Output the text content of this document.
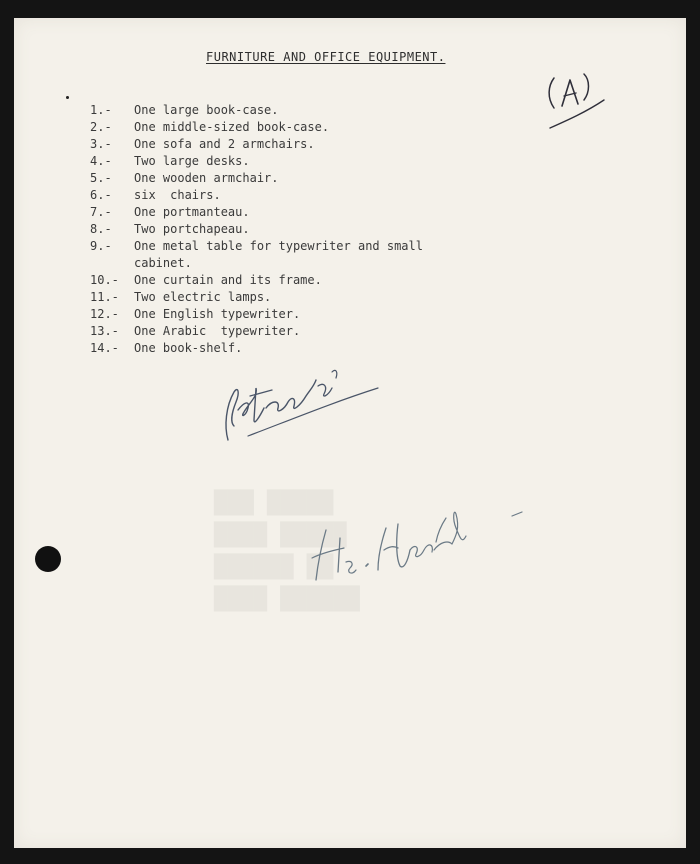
FURNITURE AND OFFICE EQUIPMENT.
1.-	One large book-case.
2.-	One middle-sized book-case.
3.-	One sofa and 2 armchairs.
4.-	Two large desks.
5.-	One wooden armchair.
6.-	six  chairs.
7.-	One portmanteau.
8.-	Two portchapeau.
9.-	One metal table for typewriter and small
cabinet.
10.-	One curtain and its frame.
11.-	Two electric lamps.
12.-	One English typewriter.
13.-	One Arabic  typewriter.
14.-	One book-shelf.
███ █████
████ █████
██████ ██
████ ██████
